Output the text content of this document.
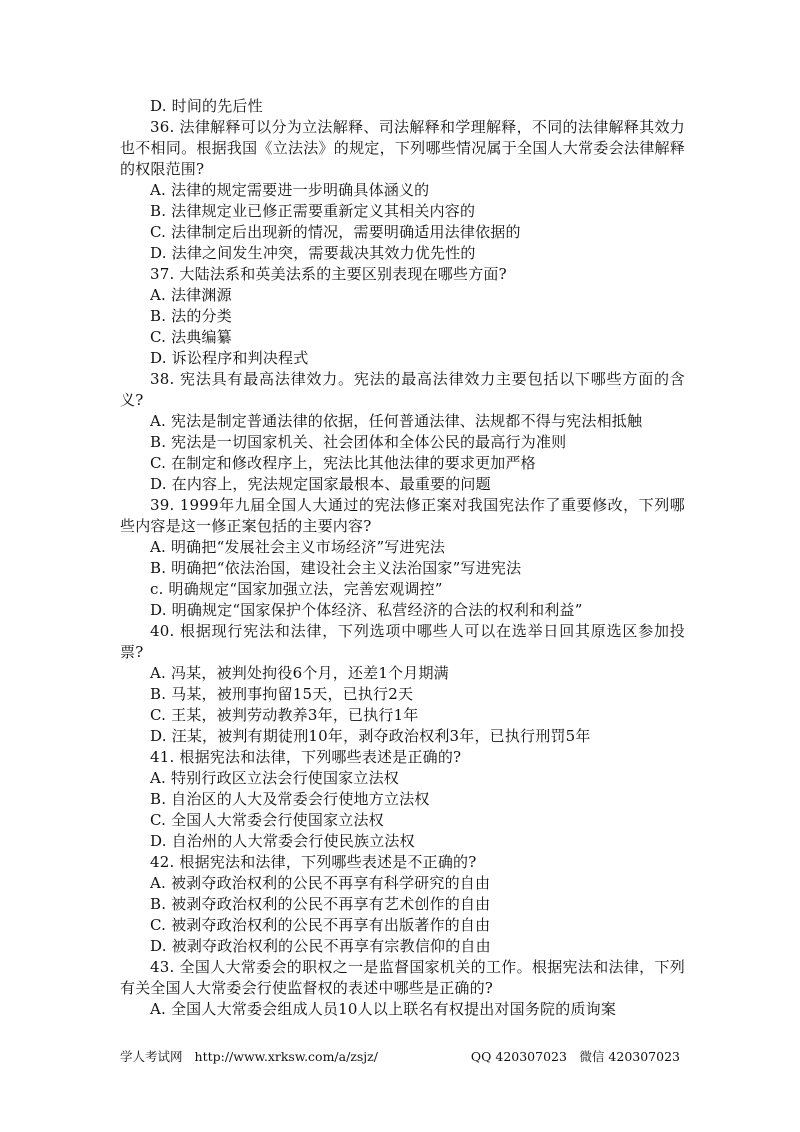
D. 时间的先后性

36. 法律解释可以分为立法解释、司法解释和学理解释，不同的法律解释其效力也不相同。根据我国《立法法》的规定，下列哪些情况属于全国人大常委会法律解释的权限范围?

A. 法律的规定需要进一步明确具体涵义的

B. 法律规定业已修正需要重新定义其相关内容的

C. 法律制定后出现新的情况，需要明确适用法律依据的

D. 法律之间发生冲突，需要裁决其效力优先性的

37. 大陆法系和英美法系的主要区别表现在哪些方面?

A. 法律渊源

B. 法的分类

C. 法典编纂

D. 诉讼程序和判决程式

38. 宪法具有最高法律效力。宪法的最高法律效力主要包括以下哪些方面的含义?

A. 宪法是制定普通法律的依据，任何普通法律、法规都不得与宪法相抵触

B. 宪法是一切国家机关、社会团体和全体公民的最高行为准则

C. 在制定和修改程序上，宪法比其他法律的要求更加严格

D. 在内容上，宪法规定国家最根本、最重要的问题

39. 1999年九届全国人大通过的宪法修正案对我国宪法作了重要修改，下列哪些内容是这一修正案包括的主要内容?

A. 明确把“发展社会主义市场经济”写进宪法

B. 明确把“依法治国，建设社会主义法治国家”写进宪法

c. 明确规定“国家加强立法，完善宏观调控”

D. 明确规定“国家保护个体经济、私营经济的合法的权利和利益”

40. 根据现行宪法和法律，下列选项中哪些人可以在选举日回其原选区参加投票?

A. 冯某，被判处拘役6个月，还差1个月期满

B. 马某，被刑事拘留15天，已执行2天

C. 王某，被判劳动教养3年，已执行1年

D. 汪某，被判有期徒刑10年，剥夺政治权利3年，已执行刑罚5年

41. 根据宪法和法律，下列哪些表述是正确的?

A. 特别行政区立法会行使国家立法权

B. 自治区的人大及常委会行使地方立法权

C. 全国人大常委会行使国家立法权

D. 自治州的人大常委会行使民族立法权

42. 根据宪法和法律，下列哪些表述是不正确的?

A. 被剥夺政治权利的公民不再享有科学研究的自由

B. 被剥夺政治权利的公民不再享有艺术创作的自由

C. 被剥夺政治权利的公民不再享有出版著作的自由

D. 被剥夺政治权利的公民不再享有宗教信仰的自由

43. 全国人大常委会的职权之一是监督国家机关的工作。根据宪法和法律，下列有关全国人大常委会行使监督权的表述中哪些是正确的?

A. 全国人大常委会组成人员10人以上联名有权提出对国务院的质询案

学人考试网 http://www.xrksw.com/a/zsjz/	QQ 420307023　微信 420307023
